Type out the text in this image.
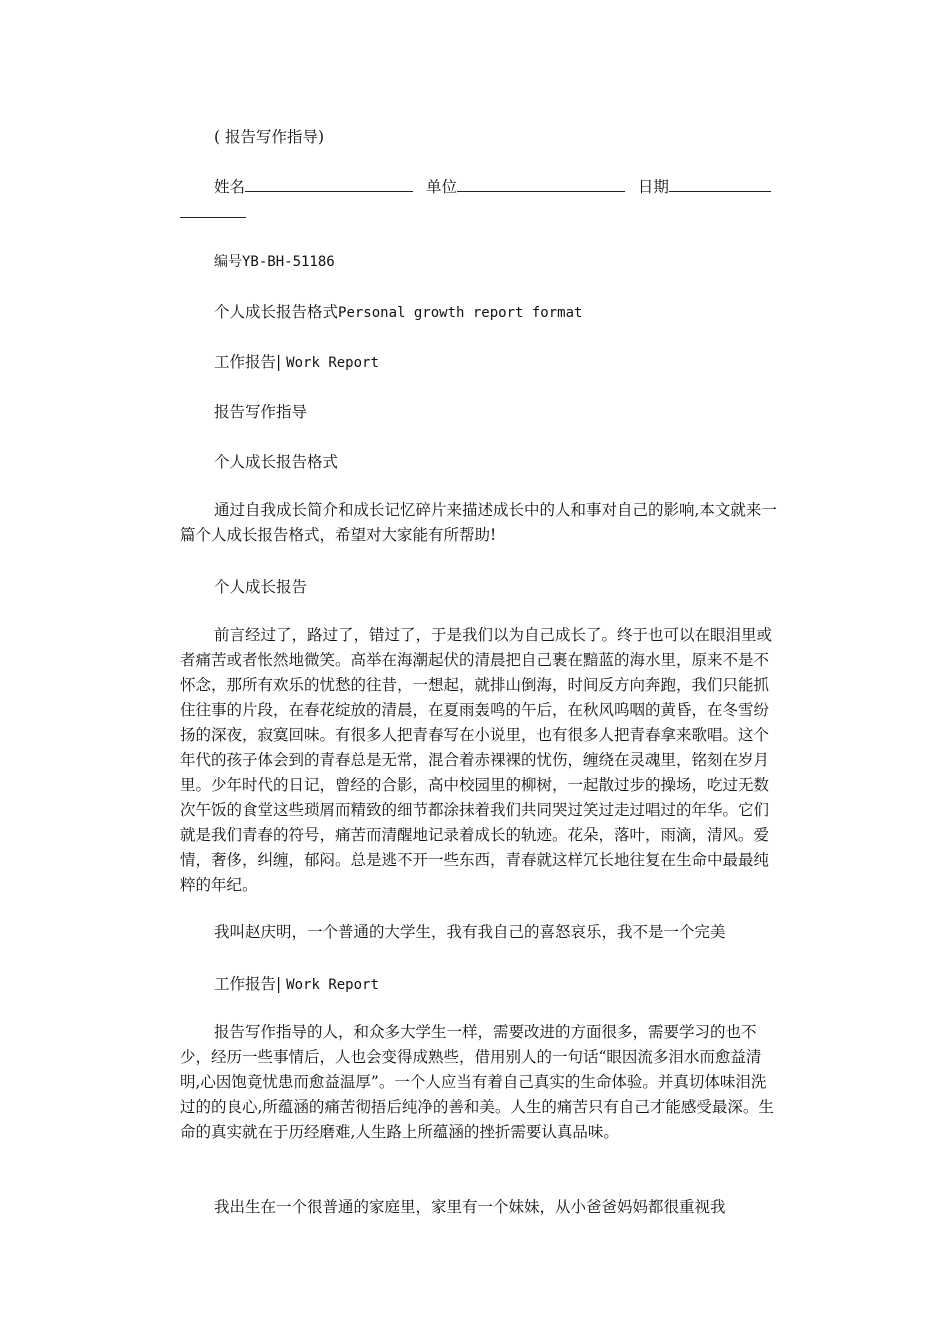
( 报告写作指导)
姓名	单位	日期
编号YB-BH-51186
个人成长报告格式Personal growth report format
工作报告| Work Report
报告写作指导
个人成长报告格式
通过自我成长简介和成长记忆碎片来描述成长中的人和事对自己的影响,本文就来一篇个人成长报告格式，希望对大家能有所帮助!
个人成长报告
前言经过了，路过了，错过了，于是我们以为自己成长了。终于也可以在眼泪里或者痛苦或者怅然地微笑。高举在海潮起伏的清晨把自己裹在黯蓝的海水里，原来不是不怀念，那所有欢乐的忧愁的往昔，一想起，就排山倒海，时间反方向奔跑，我们只能抓住往事的片段，在春花绽放的清晨，在夏雨轰鸣的午后，在秋风呜咽的黄昏，在冬雪纷扬的深夜，寂寞回味。有很多人把青春写在小说里，也有很多人把青春拿来歌唱。这个年代的孩子体会到的青春总是无常，混合着赤裸裸的忧伤，缠绕在灵魂里，铭刻在岁月里。少年时代的日记，曾经的合影，高中校园里的柳树，一起散过步的操场，吃过无数次午饭的食堂这些琐屑而精致的细节都涂抹着我们共同哭过笑过走过唱过的年华。它们就是我们青春的符号，痛苦而清醒地记录着成长的轨迹。花朵，落叶，雨滴，清风。爱情，奢侈，纠缠，郁闷。总是逃不开一些东西，青春就这样冗长地往复在生命中最最纯粹的年纪。
我叫赵庆明，一个普通的大学生，我有我自己的喜怒哀乐，我不是一个完美
工作报告| Work Report
报告写作指导的人，和众多大学生一样，需要改进的方面很多，需要学习的也不少，经历一些事情后，人也会变得成熟些，借用别人的一句话“眼因流多泪水而愈益清明,心因饱竟忧患而愈益温厚”。一个人应当有着自己真实的生命体验。并真切体味泪洗过的的良心,所蕴涵的痛苦彻捂后纯净的善和美。人生的痛苦只有自己才能感受最深。生命的真实就在于历经磨难,人生路上所蕴涵的挫折需要认真品味。
我出生在一个很普通的家庭里，家里有一个妹妹，从小爸爸妈妈都很重视我
